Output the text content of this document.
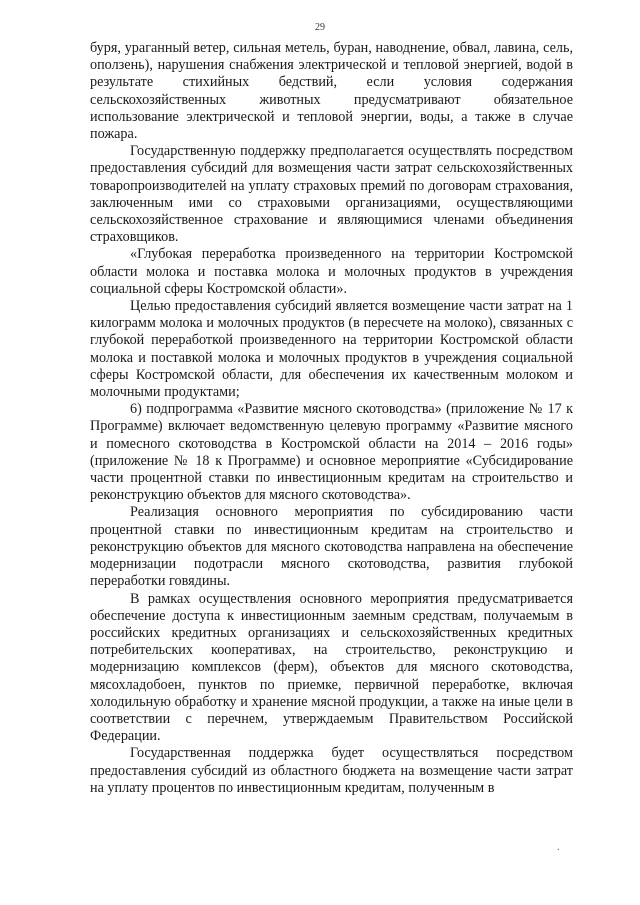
29

буря, ураганный ветер, сильная метель, буран, наводнение, обвал, лавина, сель, оползень), нарушения снабжения электрической и тепловой энергией, водой в результате стихийных бедствий, если условия содержания сельскохозяйственных животных предусматривают обязательное использование электрической и тепловой энергии, воды, а также в случае пожара.

Государственную поддержку предполагается осуществлять посредством предоставления субсидий для возмещения части затрат сельскохозяйственных товаропроизводителей на уплату страховых премий по договорам страхования, заключенным ими со страховыми организациями, осуществляющими сельскохозяйственное страхование и являющимися членами объединения страховщиков.

«Глубокая переработка произведенного на территории Костромской области молока и поставка молока и молочных продуктов в учреждения социальной сферы Костромской области».

Целью предоставления субсидий является возмещение части затрат на 1 килограмм молока и молочных продуктов (в пересчете на молоко), связанных с глубокой переработкой произведенного на территории Костромской области молока и поставкой молока и молочных продуктов в учреждения социальной сферы Костромской области, для обеспечения их качественным молоком и молочными продуктами;

6) подпрограмма «Развитие мясного скотоводства» (приложение № 17 к Программе) включает ведомственную целевую программу «Развитие мясного и помесного скотоводства в Костромской области на 2014 – 2016 годы» (приложение № 18 к Программе) и основное мероприятие «Субсидирование части процентной ставки по инвестиционным кредитам на строительство и реконструкцию объектов для мясного скотоводства».

Реализация основного мероприятия по субсидированию части процентной ставки по инвестиционным кредитам на строительство и реконструкцию объектов для мясного скотоводства направлена на обеспечение модернизации подотрасли мясного скотоводства, развития глубокой переработки говядины.

В рамках осуществления основного мероприятия предусматривается обеспечение доступа к инвестиционным заемным средствам, получаемым в российских кредитных организациях и сельскохозяйственных кредитных потребительских кооперативах, на строительство, реконструкцию и модернизацию комплексов (ферм), объектов для мясного скотоводства, мясохладобоен, пунктов по приемке, первичной переработке, включая холодильную обработку и хранение мясной продукции, а также на иные цели в соответствии с перечнем, утверждаемым Правительством Российской Федерации.

Государственная поддержка будет осуществляться посредством предоставления субсидий из областного бюджета на возмещение части затрат на уплату процентов по инвестиционным кредитам, полученным в

.
